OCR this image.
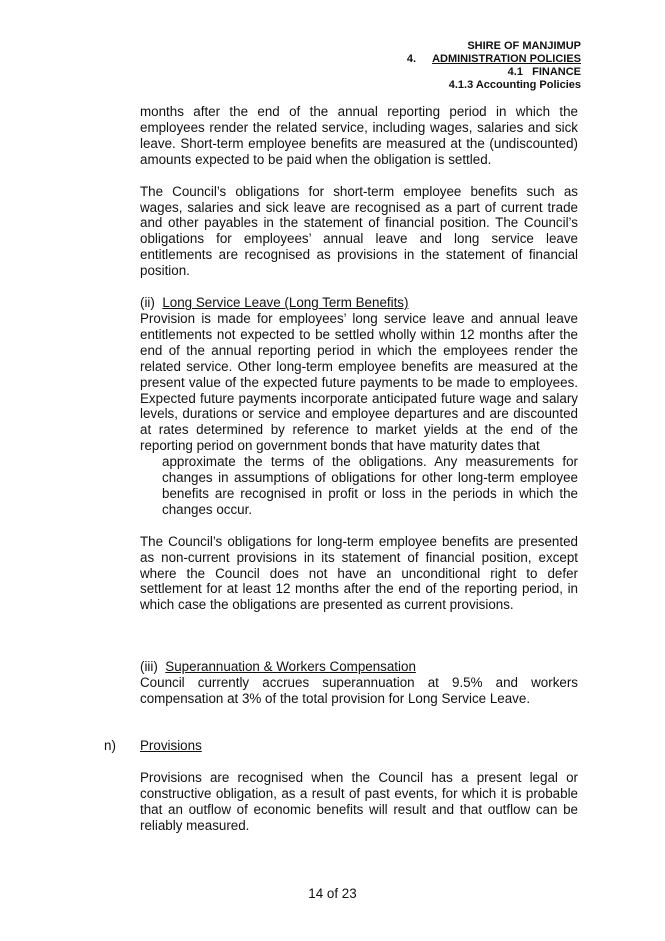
SHIRE OF MANJIMUP
4. ADMINISTRATION POLICIES
4.1   FINANCE
4.1.3 Accounting Policies

months after the end of the annual reporting period in which the employees render the related service, including wages, salaries and sick leave. Short-term employee benefits are measured at the (undiscounted) amounts expected to be paid when the obligation is settled.

The Council’s obligations for short-term employee benefits such as wages, salaries and sick leave are recognised as a part of current trade and other payables in the statement of financial position. The Council’s obligations for employees’ annual leave and long service leave entitlements are recognised as provisions in the statement of financial position.

(ii) Long Service Leave (Long Term Benefits)

Provision is made for employees’ long service leave and annual leave entitlements not expected to be settled wholly within 12 months after the end of the annual reporting period in which the employees render the related service. Other long-term employee benefits are measured at the present value of the expected future payments to be made to employees. Expected future payments incorporate anticipated future wage and salary levels, durations or service and employee departures and are discounted at rates determined by reference to market yields at the end of the reporting period on government bonds that have maturity dates that

approximate the terms of the obligations. Any measurements for changes in assumptions of obligations for other long-term employee benefits are recognised in profit or loss in the periods in which the changes occur.

The Council’s obligations for long-term employee benefits are presented as non-current provisions in its statement of financial position, except where the Council does not have an unconditional right to defer settlement for at least 12 months after the end of the reporting period, in which case the obligations are presented as current provisions.

(iii) Superannuation & Workers Compensation

Council currently accrues superannuation at 9.5% and workers compensation at 3% of the total provision for Long Service Leave.

n) Provisions

Provisions are recognised when the Council has a present legal or constructive obligation, as a result of past events, for which it is probable that an outflow of economic benefits will result and that outflow can be reliably measured.

14 of 23
